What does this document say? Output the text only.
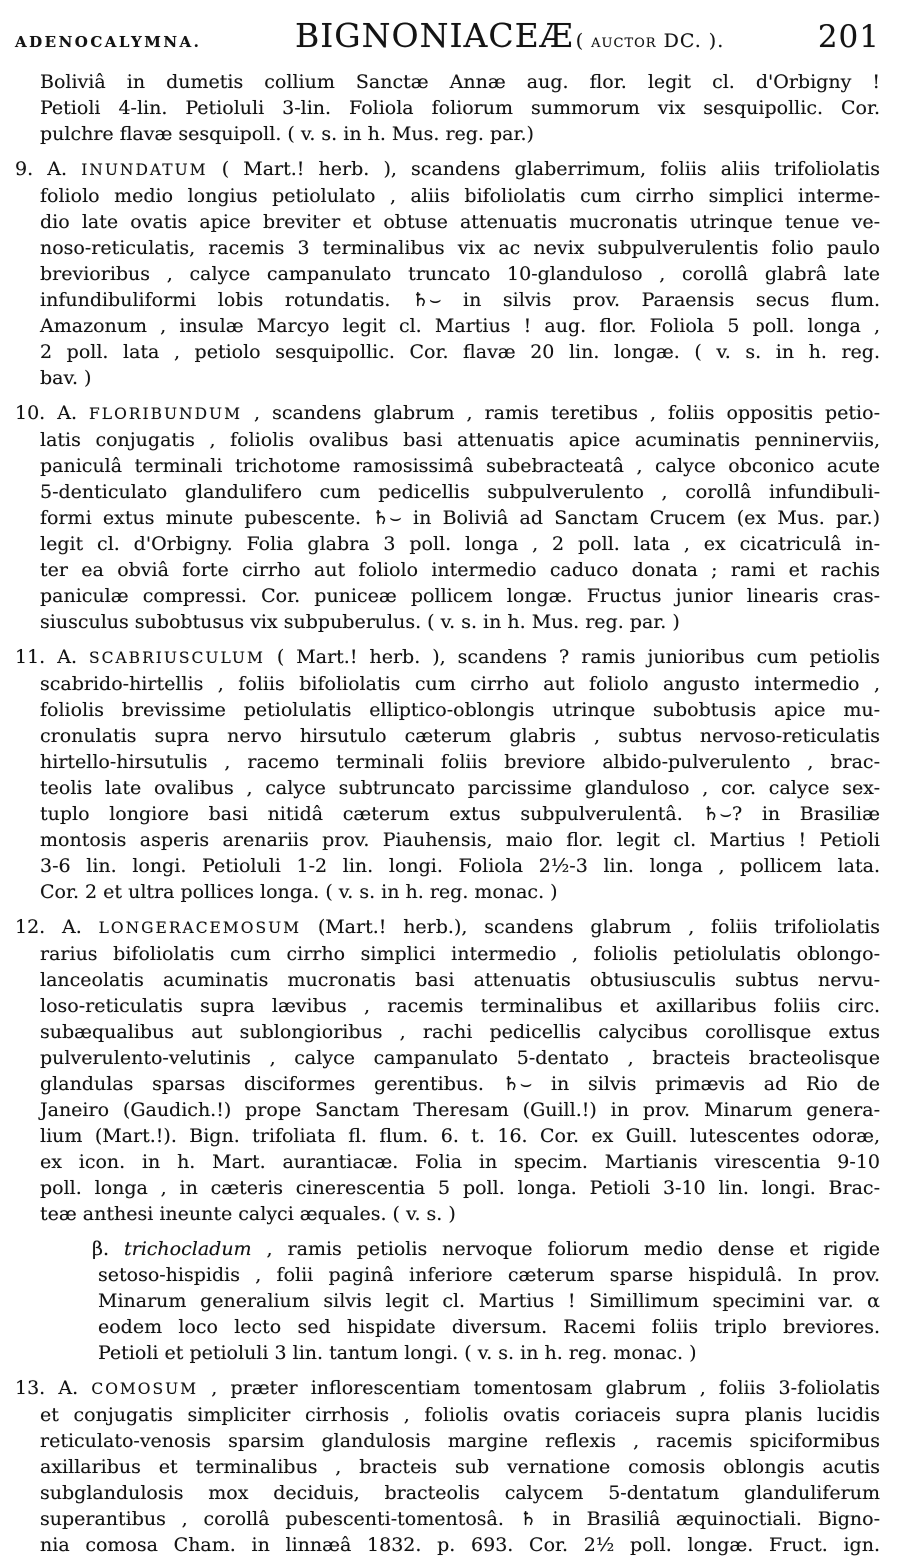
ADENOCALYMNA.	BIGNONIACEÆ ( auctor DC. ).	201
Boliviâ in dumetis collium Sanctæ Annæ aug. flor. legit cl. d'Orbigny !
Petioli 4-lin. Petioluli 3-lin. Foliola foliorum summorum vix sesquipollic. Cor.
pulchre flavæ sesquipoll. ( v. s. in h. Mus. reg. par.)
9. A. INUNDATUM ( Mart.! herb. ), scandens glaberrimum, foliis aliis trifoliolatis
foliolo medio longius petiolulato , aliis bifoliolatis cum cirrho simplici interme-
dio late ovatis apice breviter et obtuse attenuatis mucronatis utrinque tenue ve-
noso-reticulatis, racemis 3 terminalibus vix ac nevix subpulverulentis folio paulo
brevioribus , calyce campanulato truncato 10-glanduloso , corollâ glabrâ late
infundibuliformi lobis rotundatis. ♄⌣ in silvis prov. Paraensis secus flum.
Amazonum , insulæ Marcyo legit cl. Martius ! aug. flor. Foliola 5 poll. longa ,
2 poll. lata , petiolo sesquipollic. Cor. flavæ 20 lin. longæ. ( v. s. in h. reg.
bav. )
10. A. FLORIBUNDUM , scandens glabrum , ramis teretibus , foliis oppositis petio-
latis conjugatis , foliolis ovalibus basi attenuatis apice acuminatis penninerviis,
paniculâ terminali trichotome ramosissimâ subebracteatâ , calyce obconico acute
5-denticulato glandulifero cum pedicellis subpulverulento , corollâ infundibuli-
formi extus minute pubescente. ♄⌣ in Boliviâ ad Sanctam Crucem (ex Mus. par.)
legit cl. d'Orbigny. Folia glabra 3 poll. longa , 2 poll. lata , ex cicatriculâ in-
ter ea obviâ forte cirrho aut foliolo intermedio caduco donata ; rami et rachis
paniculæ compressi. Cor. puniceæ pollicem longæ. Fructus junior linearis cras-
siusculus subobtusus vix subpuberulus. ( v. s. in h. Mus. reg. par. )
11. A. SCABRIUSCULUM ( Mart.! herb. ), scandens ? ramis junioribus cum petiolis
scabrido-hirtellis , foliis bifoliolatis cum cirrho aut foliolo angusto intermedio ,
foliolis brevissime petiolulatis elliptico-oblongis utrinque subobtusis apice mu-
cronulatis supra nervo hirsutulo cæterum glabris , subtus nervoso-reticulatis
hirtello-hirsutulis , racemo terminali foliis breviore albido-pulverulento , brac-
teolis late ovalibus , calyce subtruncato parcissime glanduloso , cor. calyce sex-
tuplo longiore basi nitidâ cæterum extus subpulverulentâ. ♄⌣? in Brasiliæ
montosis asperis arenariis prov. Piauhensis, maio flor. legit cl. Martius ! Petioli
3-6 lin. longi. Petioluli 1-2 lin. longi. Foliola 2½-3 lin. longa , pollicem lata.
Cor. 2 et ultra pollices longa. ( v. s. in h. reg. monac. )
12. A. LONGERACEMOSUM (Mart.! herb.), scandens glabrum , foliis trifoliolatis
rarius bifoliolatis cum cirrho simplici intermedio , foliolis petiolulatis oblongo-
lanceolatis acuminatis mucronatis basi attenuatis obtusiusculis subtus nervu-
loso-reticulatis supra lævibus , racemis terminalibus et axillaribus foliis circ.
subæqualibus aut sublongioribus , rachi pedicellis calycibus corollisque extus
pulverulento-velutinis , calyce campanulato 5-dentato , bracteis bracteolisque
glandulas sparsas disciformes gerentibus. ♄⌣ in silvis primævis ad Rio de
Janeiro (Gaudich.!) prope Sanctam Theresam (Guill.!) in prov. Minarum genera-
lium (Mart.!). Bign. trifoliata fl. flum. 6. t. 16. Cor. ex Guill. lutescentes odoræ,
ex icon. in h. Mart. aurantiacæ. Folia in specim. Martianis virescentia 9-10
poll. longa , in cæteris cinerescentia 5 poll. longa. Petioli 3-10 lin. longi. Brac-
teæ anthesi ineunte calyci æquales. ( v. s. )
β. trichocladum , ramis petiolis nervoque foliorum medio dense et rigide
setoso-hispidis , folii paginâ inferiore cæterum sparse hispidulâ. In prov.
Minarum generalium silvis legit cl. Martius ! Simillimum specimini var. α
eodem loco lecto sed hispidate diversum. Racemi foliis triplo breviores.
Petioli et petioluli 3 lin. tantum longi. ( v. s. in h. reg. monac. )
13. A. COMOSUM , præter inflorescentiam tomentosam glabrum , foliis 3-foliolatis
et conjugatis simpliciter cirrhosis , foliolis ovatis coriaceis supra planis lucidis
reticulato-venosis sparsim glandulosis margine reflexis , racemis spiciformibus
axillaribus et terminalibus , bracteis sub vernatione comosis oblongis acutis
subglandulosis mox deciduis, bracteolis calycem 5-dentatum glanduliferum
superantibus , corollâ pubescenti-tomentosâ. ♄ in Brasiliâ æquinoctiali. Bigno-
nia comosa Cham. in linnæâ 1832. p. 693. Cor. 2½ poll. longæ. Fruct. ign.
